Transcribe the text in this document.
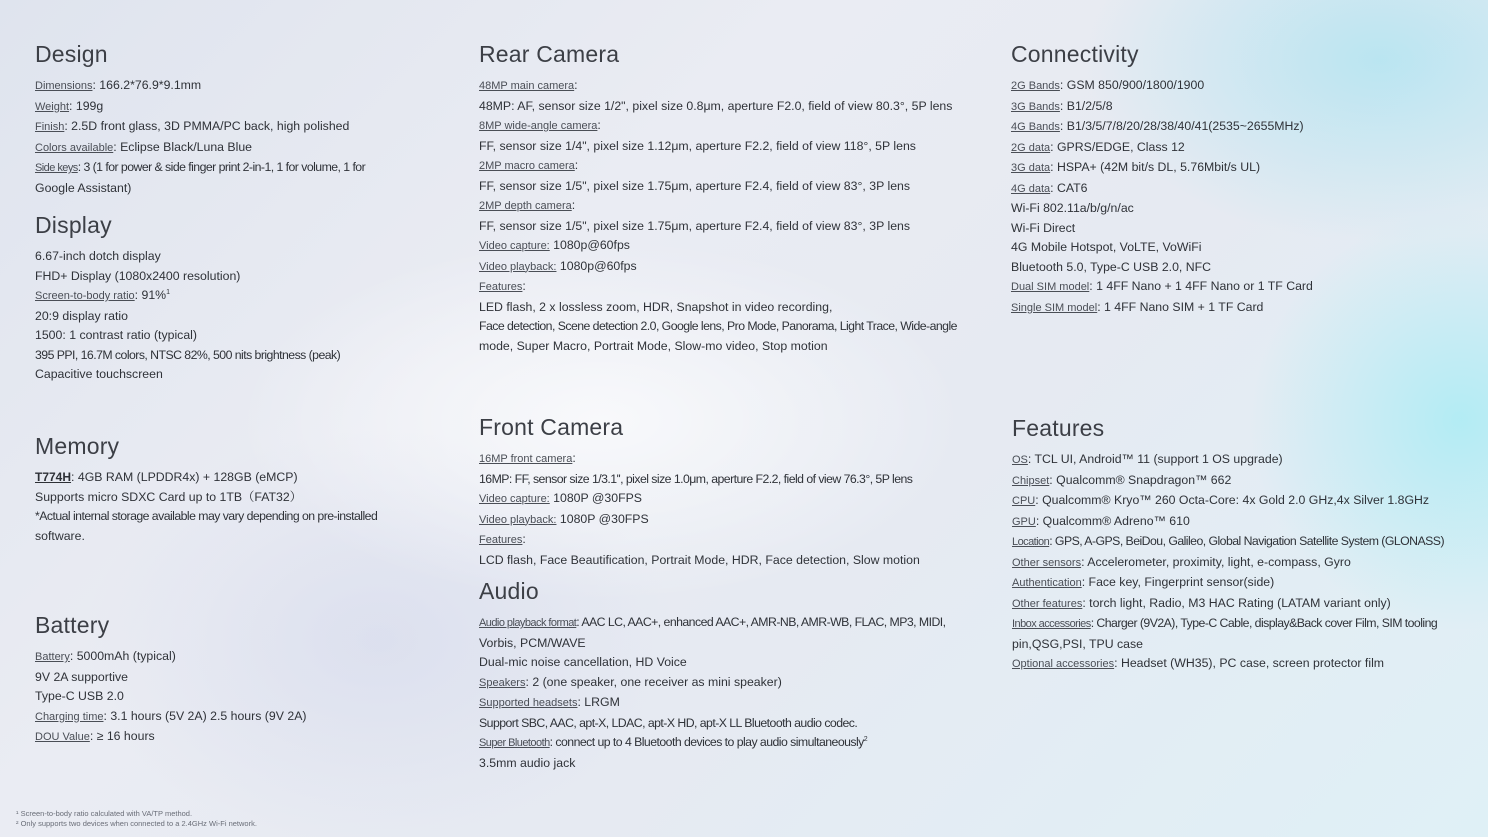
Design
Dimensions: 166.2*76.9*9.1mm
Weight: 199g
Finish: 2.5D front glass, 3D PMMA/PC back, high polished
Colors available: Eclipse Black/Luna Blue
Side keys: 3 (1 for power & side finger print 2-in-1, 1 for volume, 1 for
Google Assistant)
Display
6.67-inch dotch display
FHD+ Display (1080x2400 resolution)
Screen-to-body ratio: 91%$^1$
20:9 display ratio
1500: 1 contrast ratio (typical)
395 PPI, 16.7M colors, NTSC 82%, 500 nits brightness (peak)
Capacitive touchscreen
Memory
T774H: 4GB RAM (LPDDR4x) + 128GB (eMCP)
Supports micro SDXC Card up to 1TB（FAT32）
*Actual internal storage available may vary depending on pre-installed
software.
Battery
Battery: 5000mAh (typical)
9V 2A supportive
Type-C USB 2.0
Charging time: 3.1 hours (5V 2A) 2.5 hours (9V 2A)
DOU Value: ≥ 16 hours
Rear Camera
48MP main camera:
48MP: AF, sensor size 1/2", pixel size 0.8μm, aperture F2.0, field of view 80.3°, 5P lens
8MP wide-angle camera:
FF, sensor size 1/4", pixel size 1.12μm, aperture F2.2, field of view 118°, 5P lens
2MP macro camera:
FF, sensor size 1/5", pixel size 1.75μm, aperture F2.4, field of view 83°, 3P lens
2MP depth camera:
FF, sensor size 1/5", pixel size 1.75μm, aperture F2.4, field of view 83°, 3P lens
Video capture: 1080p@60fps
Video playback: 1080p@60fps
Features:
LED flash, 2 x lossless zoom, HDR, Snapshot in video recording,
Face detection, Scene detection 2.0, Google lens, Pro Mode, Panorama, Light Trace, Wide-angle
mode, Super Macro, Portrait Mode, Slow-mo video, Stop motion
Front Camera
16MP front camera:
16MP: FF, sensor size 1/3.1'', pixel size 1.0μm, aperture F2.2, field of view 76.3°, 5P lens
Video capture: 1080P @30FPS
Video playback: 1080P @30FPS
Features:
LCD flash, Face Beautification, Portrait Mode, HDR, Face detection, Slow motion
Audio
Audio playback format: AAC LC, AAC+, enhanced AAC+, AMR-NB, AMR-WB, FLAC, MP3, MIDI,
Vorbis, PCM/WAVE
Dual-mic noise cancellation, HD Voice
Speakers: 2 (one speaker, one receiver as mini speaker)
Supported headsets: LRGM
Support SBC, AAC, apt-X, LDAC, apt-X HD, apt-X LL Bluetooth audio codec.
Super Bluetooth: connect up to 4 Bluetooth devices to play audio simultaneously$^2$
3.5mm audio jack
Connectivity
2G Bands: GSM 850/900/1800/1900
3G Bands: B1/2/5/8
4G Bands: B1/3/5/7/8/20/28/38/40/41(2535~2655MHz)
2G data: GPRS/EDGE, Class 12
3G data: HSPA+ (42M bit/s DL, 5.76Mbit/s UL)
4G data: CAT6
Wi-Fi 802.11a/b/g/n/ac
Wi-Fi Direct
4G Mobile Hotspot, VoLTE, VoWiFi
Bluetooth 5.0, Type-C USB 2.0, NFC
Dual SIM model: 1 4FF Nano + 1 4FF Nano or 1 TF Card
Single SIM model: 1 4FF Nano SIM + 1 TF Card
Features
OS: TCL UI, Android™ 11 (support 1 OS upgrade)
Chipset: Qualcomm® Snapdragon™ 662
CPU: Qualcomm® Kryo™ 260 Octa-Core: 4x Gold 2.0 GHz,4x Silver 1.8GHz
GPU: Qualcomm® Adreno™ 610
Location: GPS, A-GPS, BeiDou, Galileo, Global Navigation Satellite System (GLONASS)
Other sensors: Accelerometer, proximity, light, e-compass, Gyro
Authentication: Face key, Fingerprint sensor(side)
Other features: torch light, Radio, M3 HAC Rating (LATAM variant only)
Inbox accessories: Charger (9V2A), Type-C Cable, display&Back cover Film, SIM tooling
pin,QSG,PSI, TPU case
Optional accessories: Headset (WH35), PC case, screen protector film
¹ Screen-to-body ratio calculated with VA/TP method.
² Only supports two devices when connected to a 2.4GHz Wi-Fi network.
